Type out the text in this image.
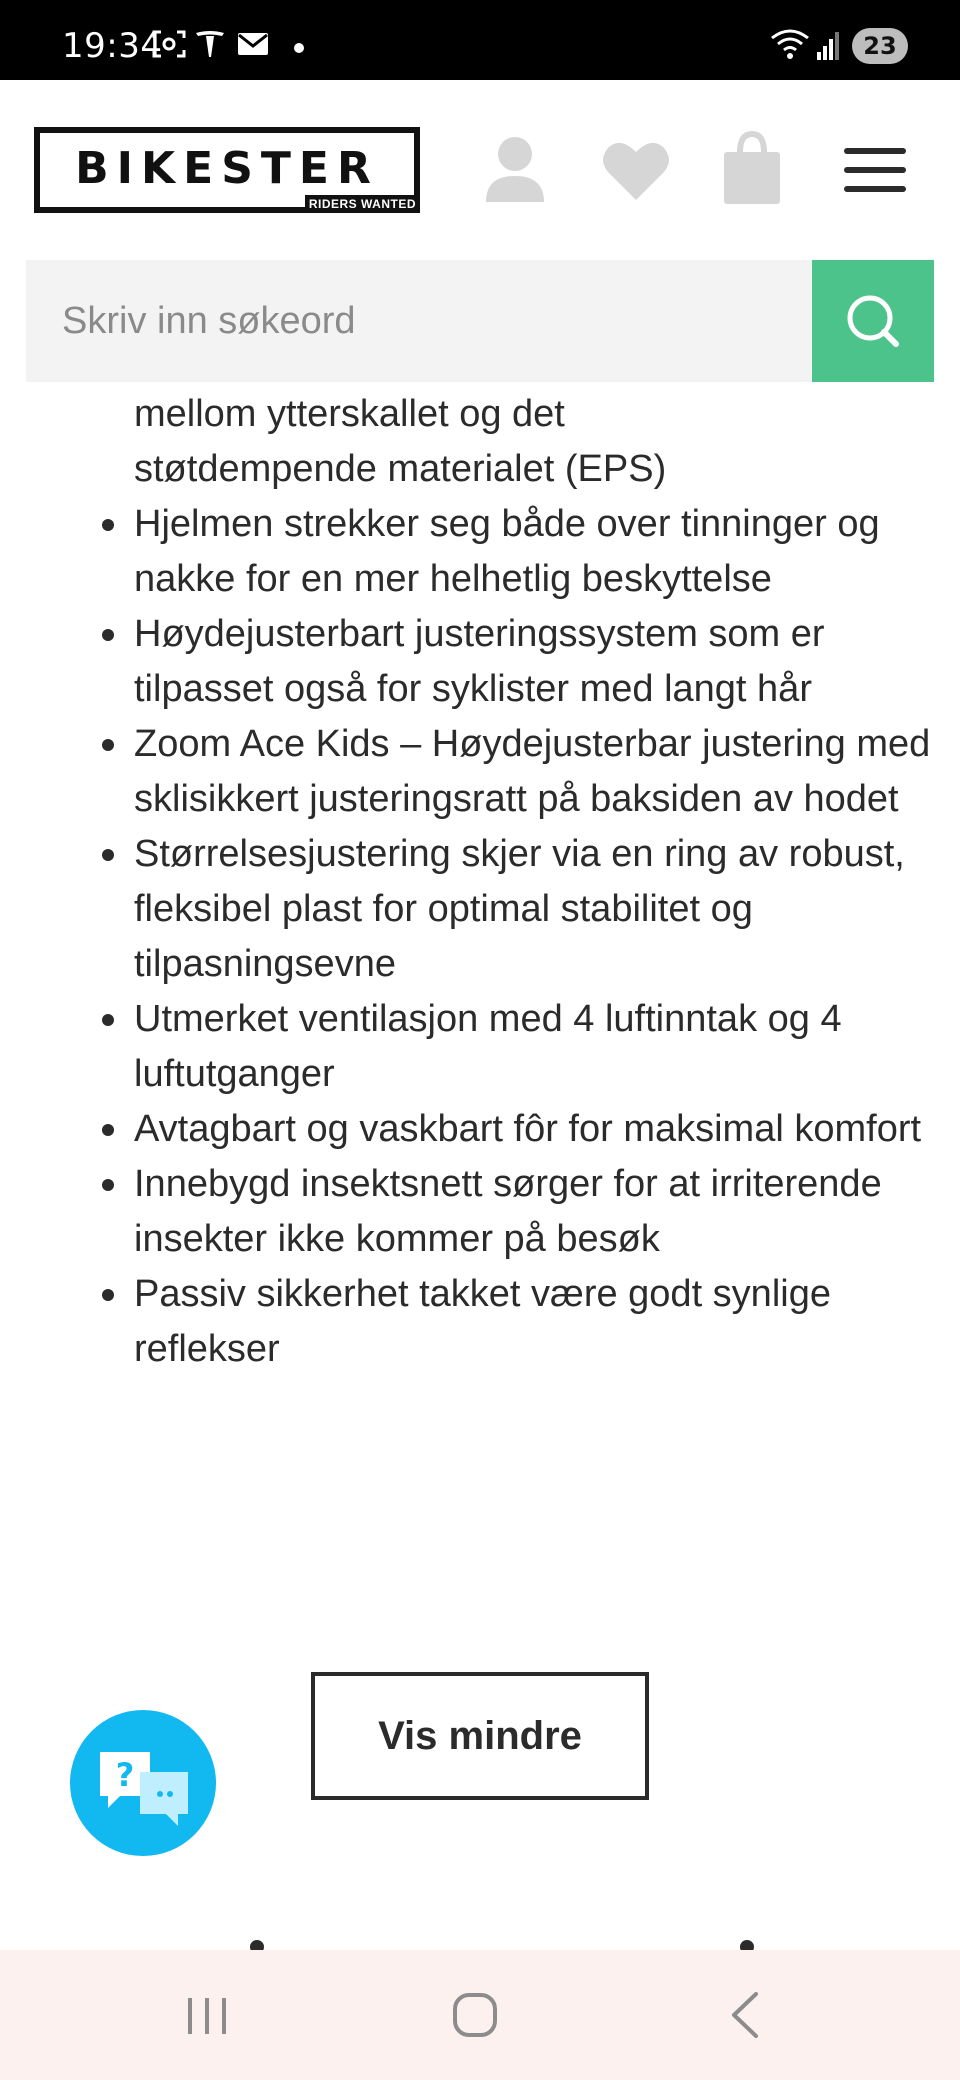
19:34	23
BIKESTER
RIDERS WANTED
Skriv inn søkeord
mellom ytterskallet og det
støtdempende materialet (EPS)
Hjelmen strekker seg både over tinninger og nakke for en mer helhetlig beskyttelse
Høydejusterbart justeringssystem som er tilpasset også for syklister med langt hår
Zoom Ace Kids – Høydejusterbar justering med sklisikkert justeringsratt på baksiden av hodet
Størrelsesjustering skjer via en ring av robust, fleksibel plast for optimal stabilitet og tilpasningsevne
Utmerket ventilasjon med 4 luftinntak og 4 luftutganger
Avtagbart og vaskbart fôr for maksimal komfort
Innebygd insektsnett sørger for at irriterende insekter ikke kommer på besøk
Passiv sikkerhet takket være godt synlige reflekser
Vis mindre
?
